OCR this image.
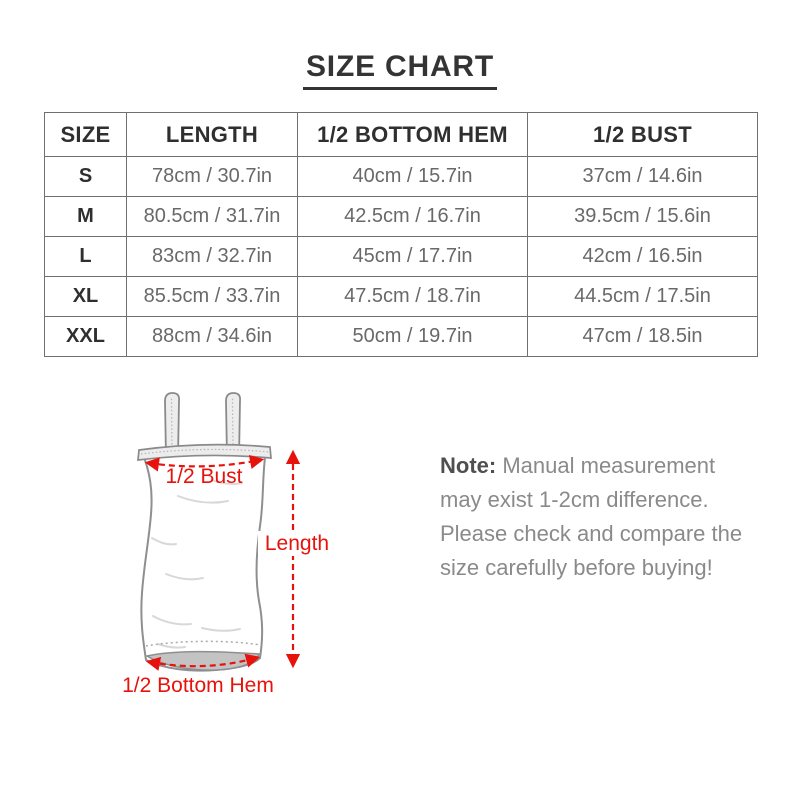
SIZE CHART
SIZE	LENGTH	1/2 BOTTOM HEM	1/2 BUST
S	78cm / 30.7in	40cm / 15.7in	37cm / 14.6in
M	80.5cm / 31.7in	42.5cm / 16.7in	39.5cm / 15.6in
L	83cm / 32.7in	45cm / 17.7in	42cm / 16.5in
XL	85.5cm / 33.7in	47.5cm / 18.7in	44.5cm / 17.5in
XXL	88cm / 34.6in	50cm / 19.7in	47cm / 18.5in
1/2 Bust
Length
1/2 Bottom Hem
Note: Manual measurement may exist 1-2cm difference. Please check and compare the size carefully before buying!
